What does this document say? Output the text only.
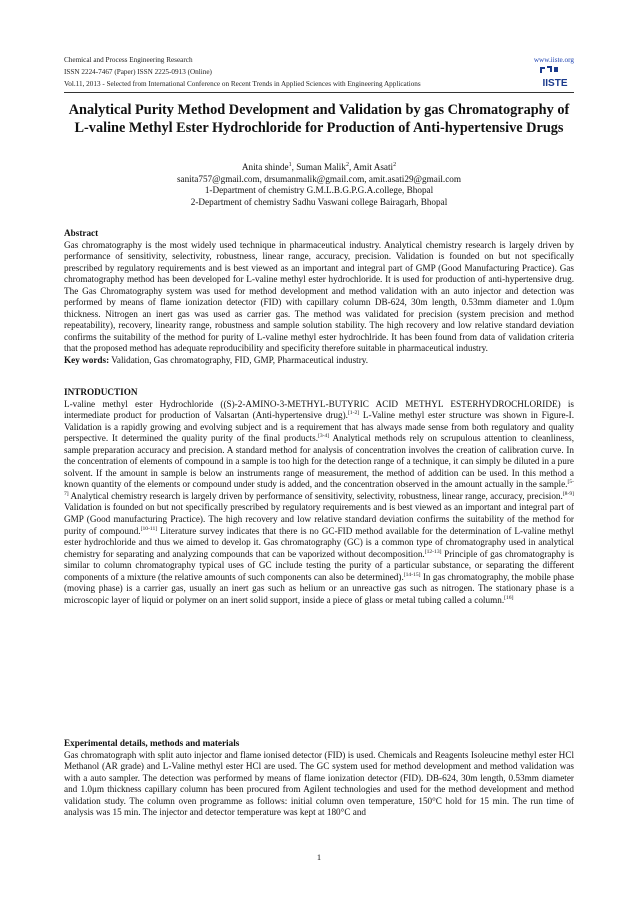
Chemical and Process Engineering Research	www.iiste.org
ISSN 2224-7467 (Paper) ISSN 2225-0913 (Online)
Vol.11, 2013 - Selected from International Conference on Recent Trends in Applied Sciences with Engineering Applications	IISTE
Analytical Purity Method Development and Validation by gas Chromatography of L-valine Methyl Ester Hydrochloride for Production of Anti-hypertensive Drugs
Anita shinde$^1$, Suman Malik$^2$, Amit Asati$^2$
sanita757@gmail.com, drsumanmalik@gmail.com, amit.asati29@gmail.com
1-Department of chemistry G.M.L.B.G.P.G.A.college, Bhopal
2-Department of chemistry Sadhu Vaswani college Bairagarh, Bhopal

Abstract

Gas chromatography is the most widely used technique in pharmaceutical industry. Analytical chemistry research is largely driven by performance of sensitivity, selectivity, robustness, linear range, accuracy, precision. Validation is founded on but not specifically prescribed by regulatory requirements and is best viewed as an important and integral part of GMP (Good Manufacturing Practice). Gas chromatography method has been developed for L-valine methyl ester hydrochloride. It is used for production of anti-hypertensive drug. The Gas Chromatography system was used for method development and method validation with an auto injector and detection was performed by means of flame ionization detector (FID) with capillary column DB-624, 30m length, 0.53mm diameter and 1.0μm thickness. Nitrogen an inert gas was used as carrier gas. The method was validated for precision (system precision and method repeatability), recovery, linearity range, robustness and sample solution stability. The high recovery and low relative standard deviation confirms the suitability of the method for purity of L-valine methyl ester hydrochlride. It has been found from data of validation criteria that the proposed method has adequate reproducibility and specificity therefore suitable in pharmaceutical industry.

Key words: Validation, Gas chromatography, FID, GMP, Pharmaceutical industry.

INTRODUCTION

L-valine methyl ester Hydrochloride ((S)-2-AMINO-3-METHYL-BUTYRIC ACID METHYL ESTERHYDROCHLORIDE) is intermediate product for production of Valsartan (Anti-hypertensive drug).[1-2] L-Valine methyl ester structure was shown in Figure-I. Validation is a rapidly growing and evolving subject and is a requirement that has always made sense from both regulatory and quality perspective. It determined the quality purity of the final products.[3-4] Analytical methods rely on scrupulous attention to cleanliness, sample preparation accuracy and precision. A standard method for analysis of concentration involves the creation of calibration curve. In the concentration of elements of compound in a sample is too high for the detection range of a technique, it can simply be diluted in a pure solvent. If the amount in sample is below an instruments range of measurement, the method of addition can be used. In this method a known quantity of the elements or compound under study is added, and the concentration observed in the amount actually in the sample.[5-7] Analytical chemistry research is largely driven by performance of sensitivity, selectivity, robustness, linear range, accuracy, precision.[8-9] Validation is founded on but not specifically prescribed by regulatory requirements and is best viewed as an important and integral part of GMP (Good manufacturing Practice). The high recovery and low relative standard deviation confirms the suitability of the method for purity of compound.[10-11] Literature survey indicates that there is no GC-FID method available for the determination of L-valine methyl ester hydrochloride and thus we aimed to develop it. Gas chromatography (GC) is a common type of chromatography used in analytical chemistry for separating and analyzing compounds that can be vaporized without decomposition.[12-13] Principle of gas chromatography is similar to column chromatography typical uses of GC include testing the purity of a particular substance, or separating the different components of a mixture (the relative amounts of such components can also be determined).[14-15] In gas chromatography, the mobile phase (moving phase) is a carrier gas, usually an inert gas such as helium or an unreactive gas such as nitrogen. The stationary phase is a microscopic layer of liquid or polymer on an inert solid support, inside a piece of glass or metal tubing called a column.[16]

Experimental details, methods and materials

Gas chromatograph with split auto injector and flame ionised detector (FID) is used. Chemicals and Reagents Isoleucine methyl ester HCl Methanol (AR grade) and L-Valine methyl ester HCl are used. The GC system used for method development and method validation was with a auto sampler. The detection was performed by means of flame ionization detector (FID). DB-624, 30m length, 0.53mm diameter and 1.0μm thickness capillary column has been procured from Agilent technologies and used for the method development and method validation study. The column oven programme as follows: initial column oven temperature, 150°C hold for 15 min. The run time of analysis was 15 min. The injector and detector temperature was kept at 180°C and

1
